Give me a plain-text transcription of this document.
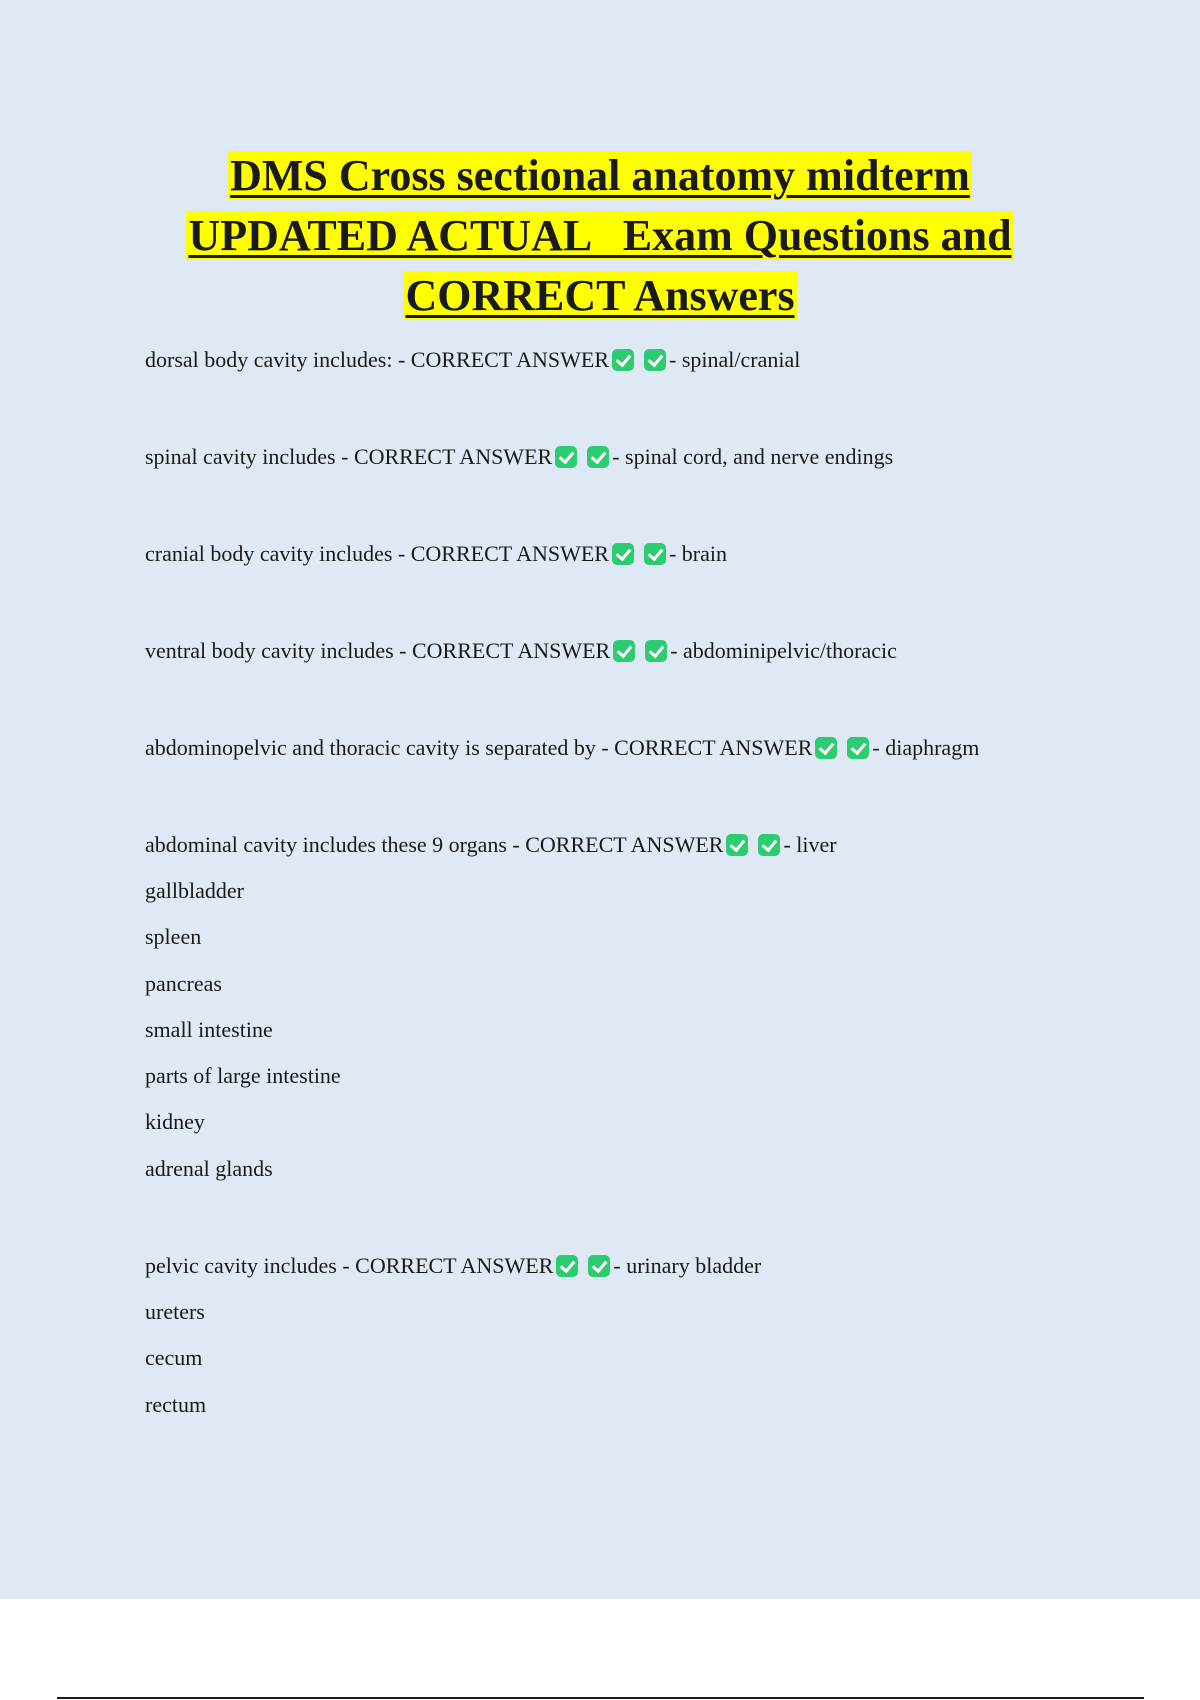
DMS Cross sectional anatomy midterm
UPDATED ACTUAL   Exam Questions and
CORRECT Answers
dorsal body cavity includes: - CORRECT ANSWER	- spinal/cranial
spinal cavity includes - CORRECT ANSWER	- spinal cord, and nerve endings
cranial body cavity includes - CORRECT ANSWER	- brain
ventral body cavity includes - CORRECT ANSWER	- abdominipelvic/thoracic
abdominopelvic and thoracic cavity is separated by - CORRECT ANSWER	- diaphragm
abdominal cavity includes these 9 organs - CORRECT ANSWER	- liver
gallbladder
spleen
pancreas
small intestine
parts of large intestine
kidney
adrenal glands
pelvic cavity includes - CORRECT ANSWER	- urinary bladder
ureters
cecum
rectum
